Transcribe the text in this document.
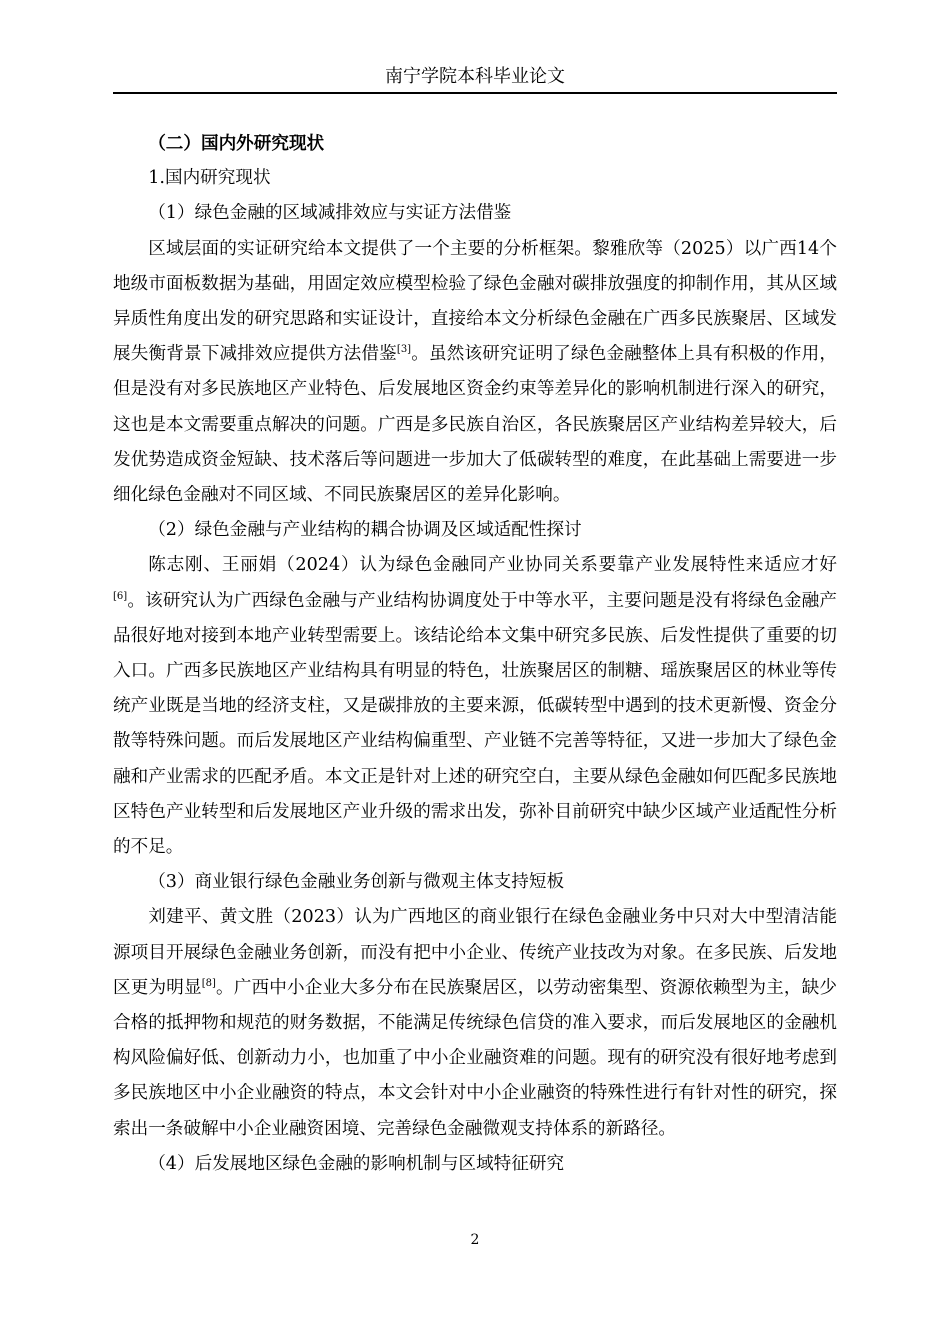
南宁学院本科毕业论文

（二）国内外研究现状

1.国内研究现状

（1）绿色金融的区域减排效应与实证方法借鉴

区域层面的实证研究给本文提供了一个主要的分析框架。黎雅欣等（2025）以广西14个地级市面板数据为基础，用固定效应模型检验了绿色金融对碳排放强度的抑制作用，其从区域异质性角度出发的研究思路和实证设计，直接给本文分析绿色金融在广西多民族聚居、区域发展失衡背景下减排效应提供方法借鉴[3]。虽然该研究证明了绿色金融整体上具有积极的作用，但是没有对多民族地区产业特色、后发展地区资金约束等差异化的影响机制进行深入的研究，这也是本文需要重点解决的问题。广西是多民族自治区，各民族聚居区产业结构差异较大，后发优势造成资金短缺、技术落后等问题进一步加大了低碳转型的难度，在此基础上需要进一步细化绿色金融对不同区域、不同民族聚居区的差异化影响。

（2）绿色金融与产业结构的耦合协调及区域适配性探讨

陈志刚、王丽娟（2024）认为绿色金融同产业协同关系要靠产业发展特性来适应才好[6]。该研究认为广西绿色金融与产业结构协调度处于中等水平，主要问题是没有将绿色金融产品很好地对接到本地产业转型需要上。该结论给本文集中研究多民族、后发性提供了重要的切入口。广西多民族地区产业结构具有明显的特色，壮族聚居区的制糖、瑶族聚居区的林业等传统产业既是当地的经济支柱，又是碳排放的主要来源，低碳转型中遇到的技术更新慢、资金分散等特殊问题。而后发展地区产业结构偏重型、产业链不完善等特征，又进一步加大了绿色金融和产业需求的匹配矛盾。本文正是针对上述的研究空白，主要从绿色金融如何匹配多民族地区特色产业转型和后发展地区产业升级的需求出发，弥补目前研究中缺少区域产业适配性分析的不足。

（3）商业银行绿色金融业务创新与微观主体支持短板

刘建平、黄文胜（2023）认为广西地区的商业银行在绿色金融业务中只对大中型清洁能源项目开展绿色金融业务创新，而没有把中小企业、传统产业技改为对象。在多民族、后发地区更为明显[8]。广西中小企业大多分布在民族聚居区，以劳动密集型、资源依赖型为主，缺少合格的抵押物和规范的财务数据，不能满足传统绿色信贷的准入要求，而后发展地区的金融机构风险偏好低、创新动力小，也加重了中小企业融资难的问题。现有的研究没有很好地考虑到多民族地区中小企业融资的特点，本文会针对中小企业融资的特殊性进行有针对性的研究，探索出一条破解中小企业融资困境、完善绿色金融微观支持体系的新路径。

（4）后发展地区绿色金融的影响机制与区域特征研究

2
